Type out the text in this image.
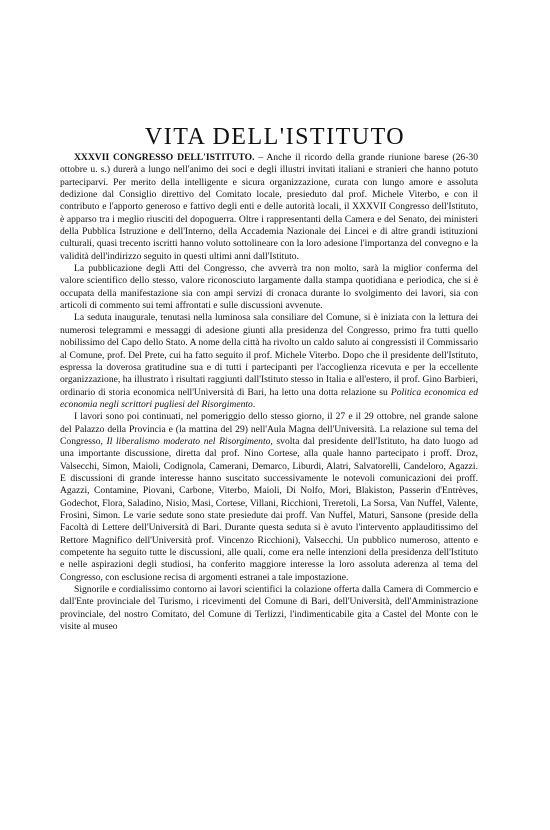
VITA DELL'ISTITUTO

XXXVII CONGRESSO DELL'ISTITUTO. – Anche il ricordo della grande riunione barese (26-30 ottobre u. s.) durerà a lungo nell'animo dei soci e degli illustri invitati italiani e stranieri che hanno potuto parteciparvi. Per merito della intelligente e sicura organizzazione, curata con lungo amore e assoluta dedizione dal Consiglio direttivo del Comitato locale, presieduto dal prof. Michele Viterbo, e con il contributo e l'apporto generoso e fattivo degli enti e delle autorità locali, il XXXVII Congresso dell'Istituto, è apparso tra i meglio riusciti del dopoguerra. Oltre i rappresentanti della Camera e del Senato, dei ministeri della Pubblica Istruzione e dell'Interno, della Accademia Nazionale dei Lincei e di altre grandi istituzioni culturali, quasi trecento iscritti hanno voluto sottolineare con la loro adesione l'importanza del convegno e la validità dell'indirizzo seguito in questi ultimi anni dall'Istituto.

La pubblicazione degli Atti del Congresso, che avverrà tra non molto, sarà la miglior conferma del valore scientifico dello stesso, valore riconosciuto largamente dalla stampa quotidiana e periodica, che si è occupata della manifestazione sia con ampi servizi di cronaca durante lo svolgimento dei lavori, sia con articoli di commento sui temi affrontati e sulle discussioni avvenute.

La seduta inaugurale, tenutasi nella luminosa sala consiliare del Comune, si è iniziata con la lettura dei numerosi telegrammi e messaggi di adesione giunti alla presidenza del Congresso, primo fra tutti quello nobilissimo del Capo dello Stato. A nome della città ha rivolto un caldo saluto ai congressisti il Commissario al Comune, prof. Del Prete, cui ha fatto seguito il prof. Michele Viterbo. Dopo che il presidente dell'Istituto, espressa la doverosa gratitudine sua e di tutti i partecipanti per l'accoglienza ricevuta e per la eccellente organizzazione, ha illustrato i risultati raggiunti dall'Istituto stesso in Italia e all'estero, il prof. Gino Barbieri, ordinario di storia economica nell'Università di Bari, ha letto una dotta relazione su Politica economica ed economia negli scrittori pugliesi del Risorgimento.

I lavori sono poi continuati, nel pomeriggio dello stesso giorno, il 27 e il 29 ottobre, nel grande salone del Palazzo della Provincia e (la mattina del 29) nell'Aula Magna dell'Università. La relazione sul tema del Congresso, Il liberalismo moderato nel Risorgimento, svolta dal presidente dell'Istituto, ha dato luogo ad una importante discussione, diretta dal prof. Nino Cortese, alla quale hanno partecipato i proff. Droz, Valsecchi, Simon, Maioli, Codignola, Camerani, Demarco, Liburdi, Alatri, Salvatorelli, Candeloro, Agazzi. E discussioni di grande interesse hanno suscitato successivamente le notevoli comunicazioni dei proff. Agazzi, Contamine, Piovani, Carbone, Viterbo, Maioli, Di Nolfo, Mori, Blakiston, Passerin d'Entrèves, Godechot, Flora, Saladino, Nisio, Masi, Cortese, Villani, Ricchioni, Treretoli, La Sorsa, Van Nuffel, Valente, Frosini, Simon. Le varie sedute sono state presiedute dai proff. Van Nuffel, Maturi, Sansone (preside della Facoltà di Lettere dell'Università di Bari. Durante questa seduta si è avuto l'intervento applauditissimo del Rettore Magnifico dell'Università prof. Vincenzo Ricchioni), Valsecchi. Un pubblico numeroso, attento e competente ha seguito tutte le discussioni, alle quali, come era nelle intenzioni della presidenza dell'Istituto e nelle aspirazioni degli studiosi, ha conferito maggiore interesse la loro assoluta aderenza al tema del Congresso, con esclusione recisa di argomenti estranei a tale impostazione.

Signorile e cordialissimo contorno ai lavori scientifici la colazione offerta dalla Camera di Commercio e dall'Ente provinciale del Turismo, i ricevimenti del Comune di Bari, dell'Università, dell'Amministrazione provinciale, del nostro Comitato, del Comune di Terlizzi, l'indimenticabile gita a Castel del Monte con le visite al museo
